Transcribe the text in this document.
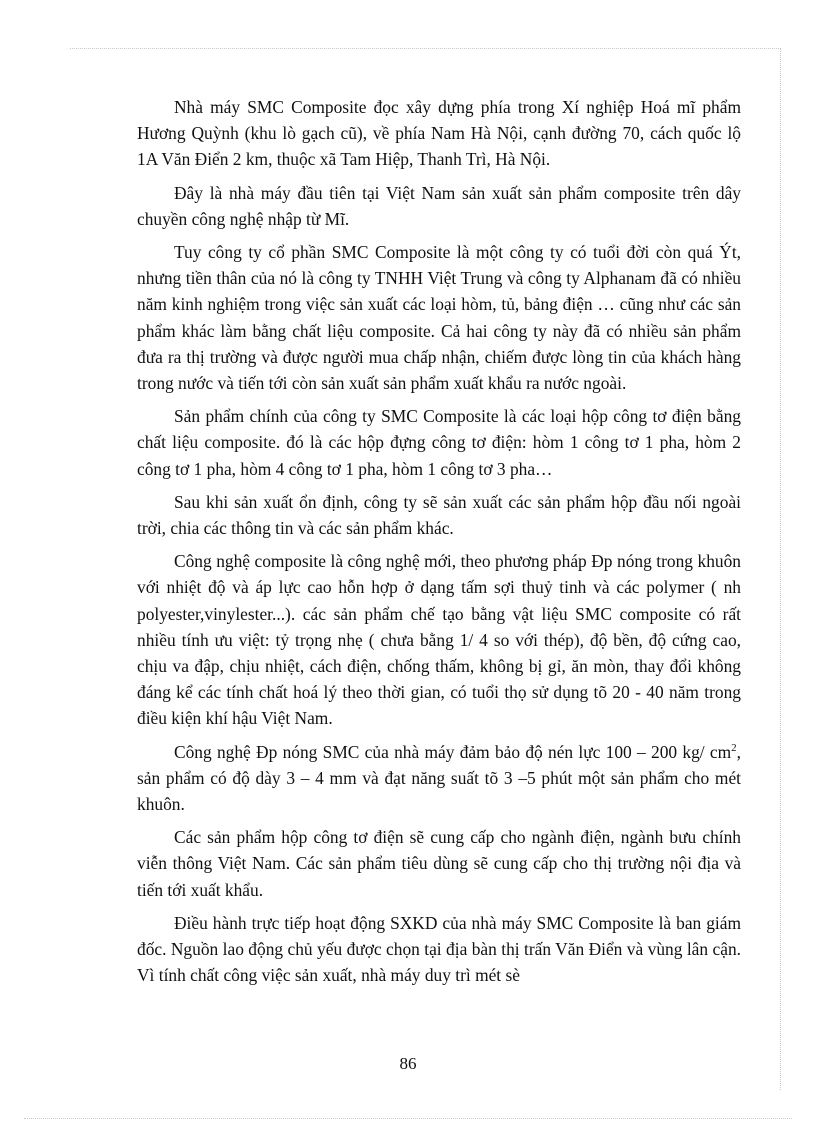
Nhà máy SMC Composite đọc xây dựng phía trong Xí nghiệp Hoá mĩ phẩm Hương Quỳnh (khu lò gạch cũ), về phía Nam Hà Nội, cạnh đường 70, cách quốc lộ 1A Văn Điển 2 km, thuộc xã Tam Hiệp, Thanh Trì, Hà Nội.

Đây là nhà máy đầu tiên tại Việt Nam sản xuất sản phẩm composite trên dây chuyền công nghệ nhập từ Mĩ.

Tuy công ty cổ phần SMC Composite là một công ty có tuổi đời còn quá Ýt, nhưng tiền thân của nó là công ty TNHH Việt Trung và công ty Alphanam đã có nhiều năm kinh nghiệm trong việc sản xuất các loại hòm, tủ, bảng điện … cũng như các sản phẩm khác làm bằng chất liệu composite. Cả hai công ty này đã có nhiều sản phẩm đưa ra thị trường và được người mua chấp nhận, chiếm được lòng tin của khách hàng trong nước và tiến tới còn sản xuất sản phẩm xuất khẩu ra nước ngoài.

Sản phẩm chính của công ty SMC Composite là các loại hộp công tơ điện bằng chất liệu composite. đó là các hộp đựng công tơ điện: hòm 1 công tơ 1 pha, hòm 2 công tơ 1 pha, hòm 4 công tơ 1 pha, hòm 1 công tơ 3 pha…

Sau khi sản xuất ổn định, công ty sẽ sản xuất các sản phẩm hộp đầu nối ngoài trời, chia các thông tin và các sản phẩm khác.

Công nghệ composite là công nghệ mới, theo phương pháp Đp nóng trong khuôn với nhiệt độ và áp lực cao hỗn hợp ở dạng tấm sợi thuỷ tinh và các polymer ( nh polyester,vinylester...). các sản phẩm chế tạo bằng vật liệu SMC composite có rất nhiều tính ưu việt: tỷ trọng nhẹ ( chưa bằng 1/ 4 so với thép), độ bền, độ cứng cao, chịu va đập, chịu nhiệt, cách điện, chống thấm, không bị gỉ, ăn mòn, thay đổi không đáng kể các tính chất hoá lý theo thời gian, có tuổi thọ sử dụng tõ 20 - 40 năm trong điều kiện khí hậu Việt Nam.

Công nghệ Đp nóng SMC của nhà máy đảm bảo độ nén lực 100 – 200 kg/ $cm^2$, sản phẩm có độ dày 3 – 4 mm và đạt năng suất tõ 3 –5 phút một sản phẩm cho mét khuôn.

Các sản phẩm hộp công tơ điện sẽ cung cấp cho ngành điện, ngành bưu chính viễn thông Việt Nam. Các sản phẩm tiêu dùng sẽ cung cấp cho thị trường nội địa và tiến tới xuất khẩu.

Điều hành trực tiếp hoạt động SXKD của nhà máy SMC Composite là ban giám đốc. Nguồn lao động chủ yếu được chọn tại địa bàn thị trấn Văn Điển và vùng lân cận. Vì tính chất công việc sản xuất, nhà máy duy trì mét sè

86
